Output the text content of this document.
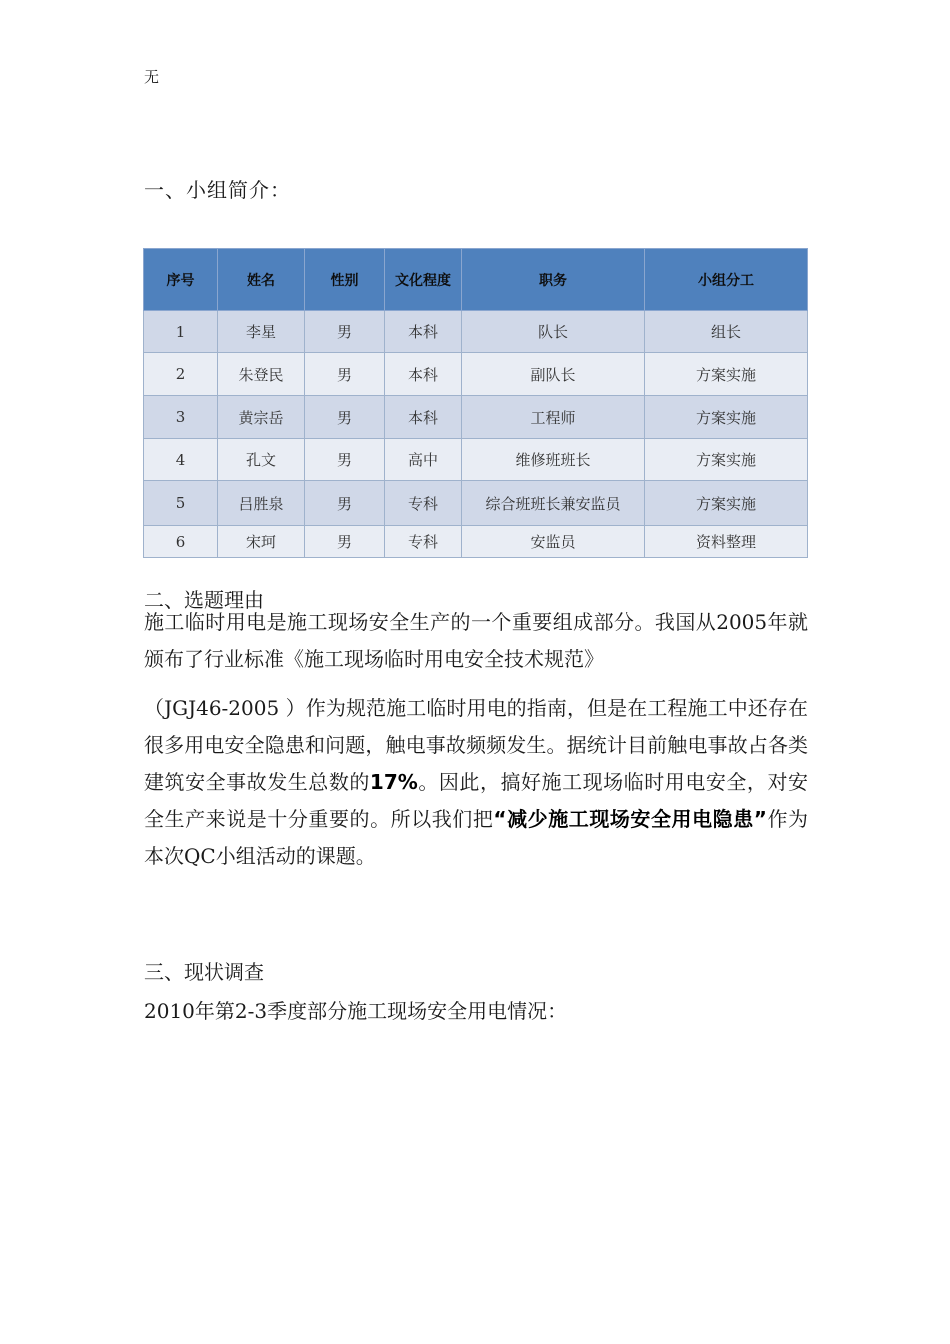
无
一、小组简介：
序号	姓名	性别	文化程度	职务	小组分工
1	李星	男	本科	队长	组长
2	朱登民	男	本科	副队长	方案实施
3	黄宗岳	男	本科	工程师	方案实施
4	孔文	男	高中	维修班班长	方案实施
5	吕胜泉	男	专科	综合班班长兼安监员	方案实施
6	宋珂	男	专科	安监员	资料整理
二、选题理由
施工临时用电是施工现场安全生产的一个重要组成部分。我国从2005年就颁布了行业标准《施工现场临时用电安全技术规范》
（JGJ46-2005 ）作为规范施工临时用电的指南，但是在工程施工中还存在很多用电安全隐患和问题，触电事故频频发生。据统计目前触电事故占各类建筑安全事故发生总数的17%。因此，搞好施工现场临时用电安全，对安全生产来说是十分重要的。所以我们把“减少施工现场安全用电隐患”作为本次QC小组活动的课题。
三、现状调查
2010年第2-3季度部分施工现场安全用电情况：
